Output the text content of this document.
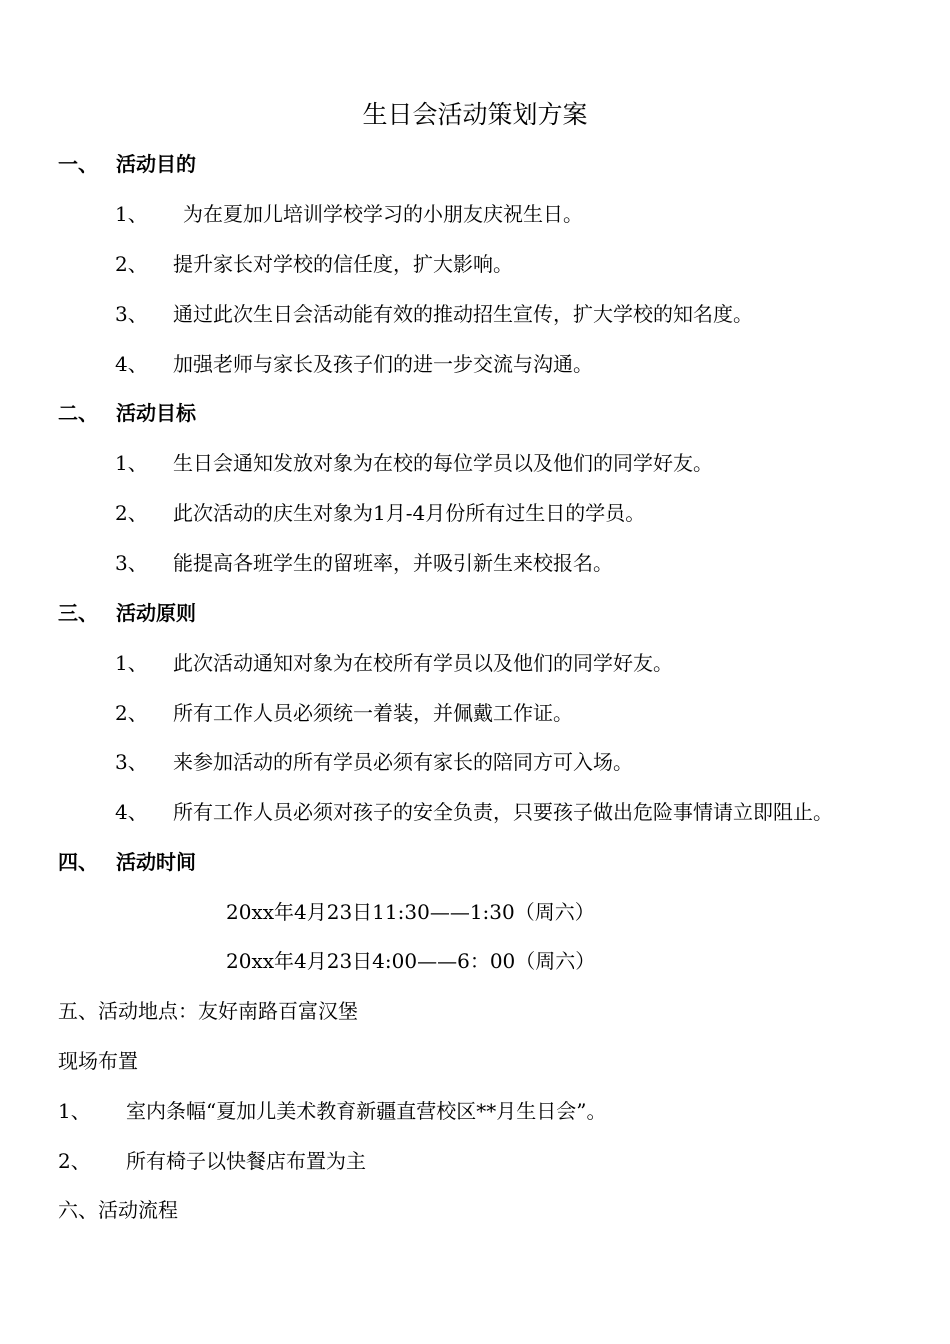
生日会活动策划方案
一、 活动目的
1、 为在夏加儿培训学校学习的小朋友庆祝生日。
2、 提升家长对学校的信任度，扩大影响。
3、 通过此次生日会活动能有效的推动招生宣传，扩大学校的知名度。
4、 加强老师与家长及孩子们的进一步交流与沟通。
二、 活动目标
1、 生日会通知发放对象为在校的每位学员以及他们的同学好友。
2、 此次活动的庆生对象为1月-4月份所有过生日的学员。
3、 能提高各班学生的留班率，并吸引新生来校报名。
三、 活动原则
1、 此次活动通知对象为在校所有学员以及他们的同学好友。
2、 所有工作人员必须统一着装，并佩戴工作证。
3、 来参加活动的所有学员必须有家长的陪同方可入场。
4、 所有工作人员必须对孩子的安全负责，只要孩子做出危险事情请立即阻止。
四、 活动时间
20xx年4月23日11:30——1:30（周六）
20xx年4月23日4:00——6：00（周六）
五、活动地点：友好南路百富汉堡
现场布置
1、 室内条幅“夏加儿美术教育新疆直营校区**月生日会”。
2、 所有椅子以快餐店布置为主
六、活动流程
